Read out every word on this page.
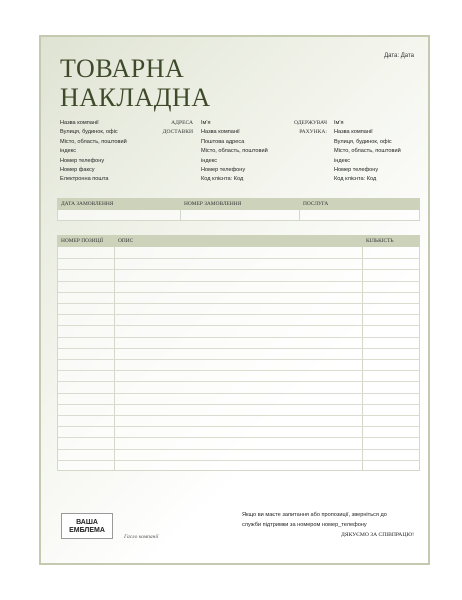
Дата: Дата
ТОВАРНА
НАКЛАДНА
Назва компанії
Вулиця, будинок, офіс
Місто, область, поштовий
індекс
Номер телефону
Номер факсу
Електронна пошта
АДРЕСА
ДОСТАВКИ
Ім'я
Назва компанії
Поштова адреса
Місто, область, поштовий
індекс
Номер телефону
Код клієнта: Код
ОДЕРЖУВАЧ
РАХУНКА:
Ім'я
Назва компанії
Вулиця, будинок, офіс
Місто, область, поштовий
індекс
Номер телефону
Код клієнта: Код
ДАТА ЗАМОВЛЕННЯ	НОМЕР ЗАМОВЛЕННЯ	ПОСЛУГА
НОМЕР ПОЗИЦІЇ	ОПИС	КІЛЬКІСТЬ
ВАША
ЕМБЛЕМА
Гасло компанії
Якщо ви маєте запитання або пропозиції, зверніться до
служби підтримки за номером номер_телефону
ДЯКУЄМО ЗА СПІВПРАЦЮ!
